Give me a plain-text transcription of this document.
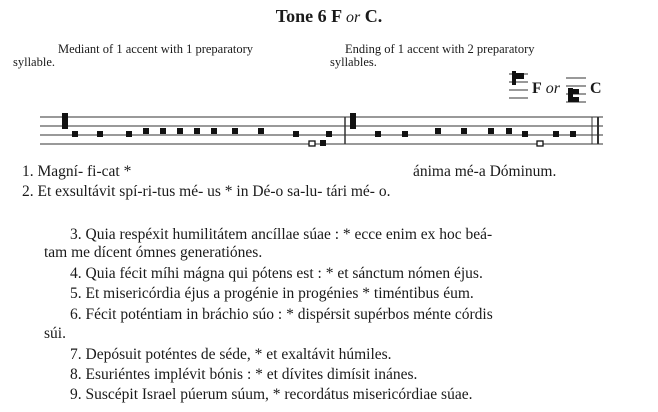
Tone 6 F or C.
Mediant of 1 accent with 1 preparatory
syllable.
Ending of 1 accent with 2 preparatory
syllables.
F or C
1. Magní- fi-cat *	ánima mé-a Dóminum.
2. Et exsultávit spí-ri-tus mé- us * in Dé-o sa-lu- tári mé- o.
3. Quia respéxit humilitátem ancíllae súae : * ecce enim ex hoc beá-
tam me dícent ómnes generatiónes.
4. Quia fécit míhi mágna qui pótens est : * et sánctum nómen éjus.
5. Et misericórdia éjus a progénie in progénies * timéntibus éum.
6. Fécit poténtiam in bráchio súo : * dispérsit supérbos ménte córdis
súi.
7. Depósuit poténtes de séde, * et exaltávit húmiles.
8. Esuriéntes implévit bónis : * et dívites dimísit inánes.
9. Suscépit Israel púerum súum, * recordátus misericórdiae súae.
